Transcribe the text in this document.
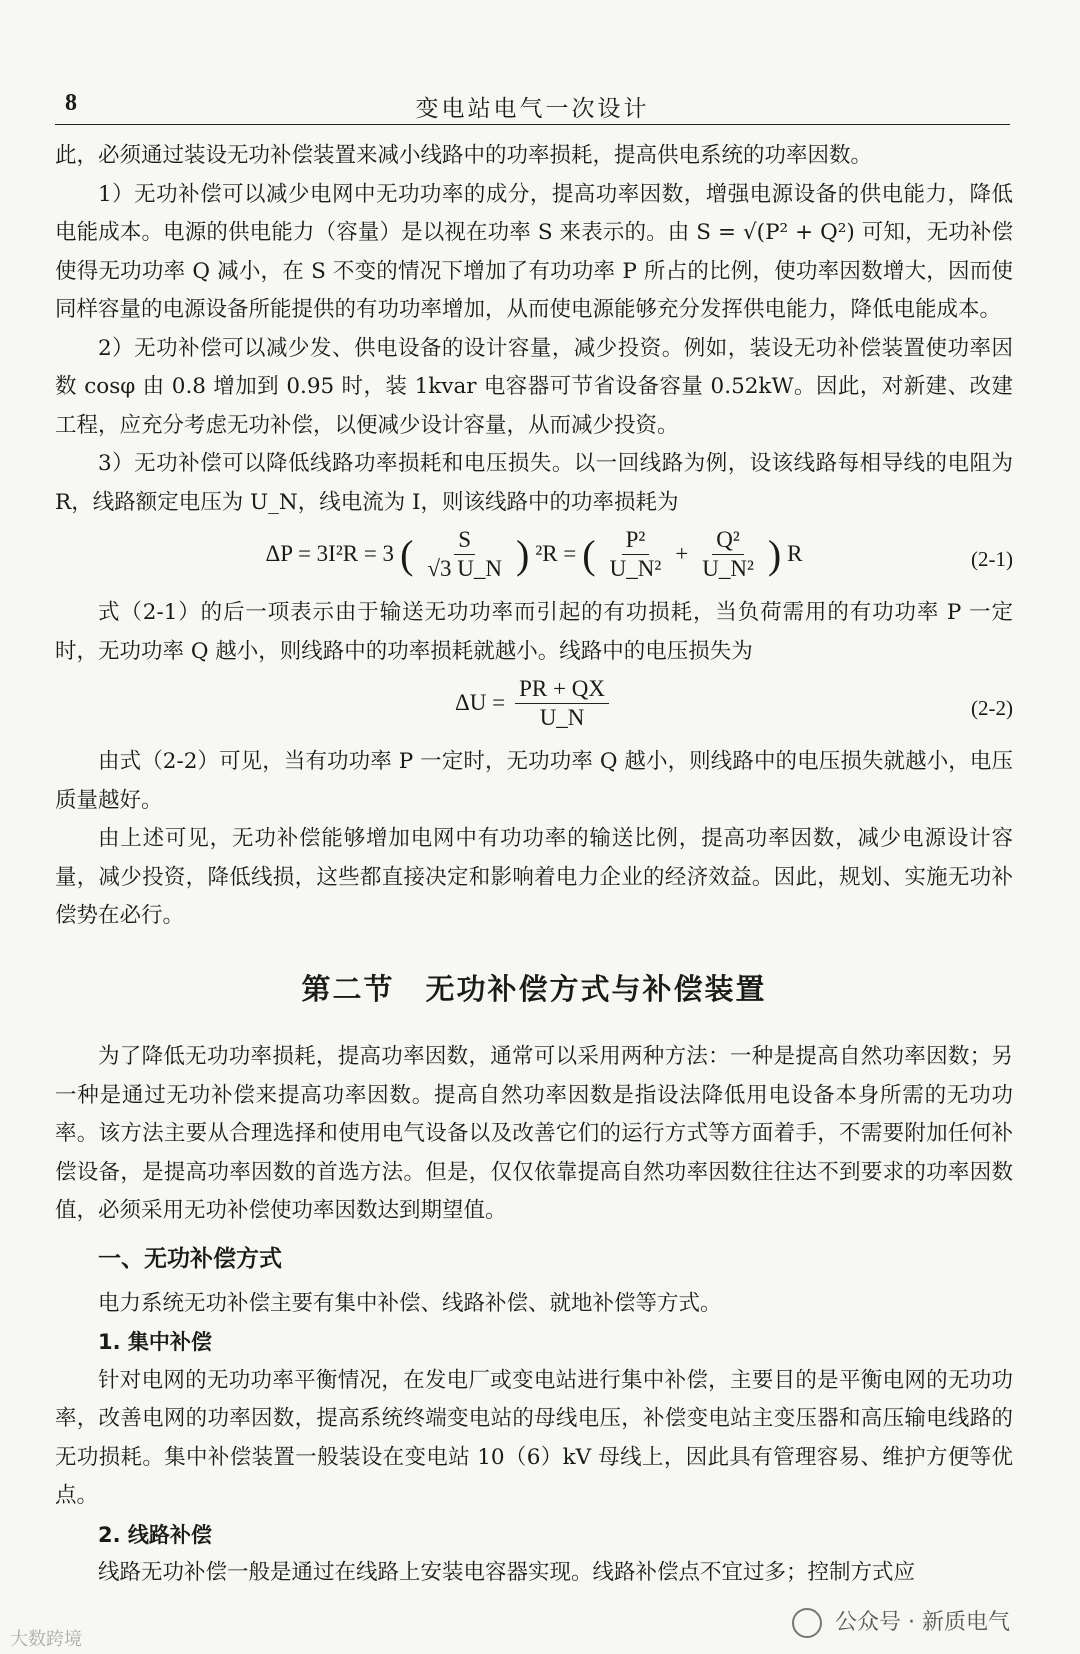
8	变电站电气一次设计

此，必须通过装设无功补偿装置来减小线路中的功率损耗，提高供电系统的功率因数。

1）无功补偿可以减少电网中无功功率的成分，提高功率因数，增强电源设备的供电能力，降低电能成本。电源的供电能力（容量）是以视在功率 S 来表示的。由 S = √(P² + Q²) 可知，无功补偿使得无功功率 Q 减小，在 S 不变的情况下增加了有功功率 P 所占的比例，使功率因数增大，因而使同样容量的电源设备所能提供的有功功率增加，从而使电源能够充分发挥供电能力，降低电能成本。

2）无功补偿可以减少发、供电设备的设计容量，减少投资。例如，装设无功补偿装置使功率因数 cosφ 由 0.8 增加到 0.95 时，装 1kvar 电容器可节省设备容量 0.52kW。因此，对新建、改建工程，应充分考虑无功补偿，以便减少设计容量，从而减少投资。

3）无功补偿可以降低线路功率损耗和电压损失。以一回线路为例，设该线路每相导线的电阻为 R，线路额定电压为 U_N，线电流为 I，则该线路中的功率损耗为

ΔP = 3I²R = 3 ( $\frac{S}{√3 U\_N}$ ) ²R = ( $\frac{\text{P²}}{\text{U\_N²}} + \frac{\text{Q²}}{\text{U\_N²}}$ ) R	(2-1)

式（2-1）的后一项表示由于输送无功功率而引起的有功损耗，当负荷需用的有功功率 P 一定时，无功功率 Q 越小，则线路中的功率损耗就越小。线路中的电压损失为

$\Delta U = \frac{PR + QX}{U\_N}$	(2-2)

由式（2-2）可见，当有功功率 P 一定时，无功功率 Q 越小，则线路中的电压损失就越小，电压质量越好。

由上述可见，无功补偿能够增加电网中有功功率的输送比例，提高功率因数，减少电源设计容量，减少投资，降低线损，这些都直接决定和影响着电力企业的经济效益。因此，规划、实施无功补偿势在必行。

第二节　无功补偿方式与补偿装置

为了降低无功功率损耗，提高功率因数，通常可以采用两种方法：一种是提高自然功率因数；另一种是通过无功补偿来提高功率因数。提高自然功率因数是指设法降低用电设备本身所需的无功功率。该方法主要从合理选择和使用电气设备以及改善它们的运行方式等方面着手，不需要附加任何补偿设备，是提高功率因数的首选方法。但是，仅仅依靠提高自然功率因数往往达不到要求的功率因数值，必须采用无功补偿使功率因数达到期望值。

一、无功补偿方式

电力系统无功补偿主要有集中补偿、线路补偿、就地补偿等方式。

1. 集中补偿

针对电网的无功功率平衡情况，在发电厂或变电站进行集中补偿，主要目的是平衡电网的无功功率，改善电网的功率因数，提高系统终端变电站的母线电压，补偿变电站主变压器和高压输电线路的无功损耗。集中补偿装置一般装设在变电站 10（6）kV 母线上，因此具有管理容易、维护方便等优点。

2. 线路补偿

线路无功补偿一般是通过在线路上安装电容器实现。线路补偿点不宜过多；控制方式应

公众号 · 新质电气
大数跨境
